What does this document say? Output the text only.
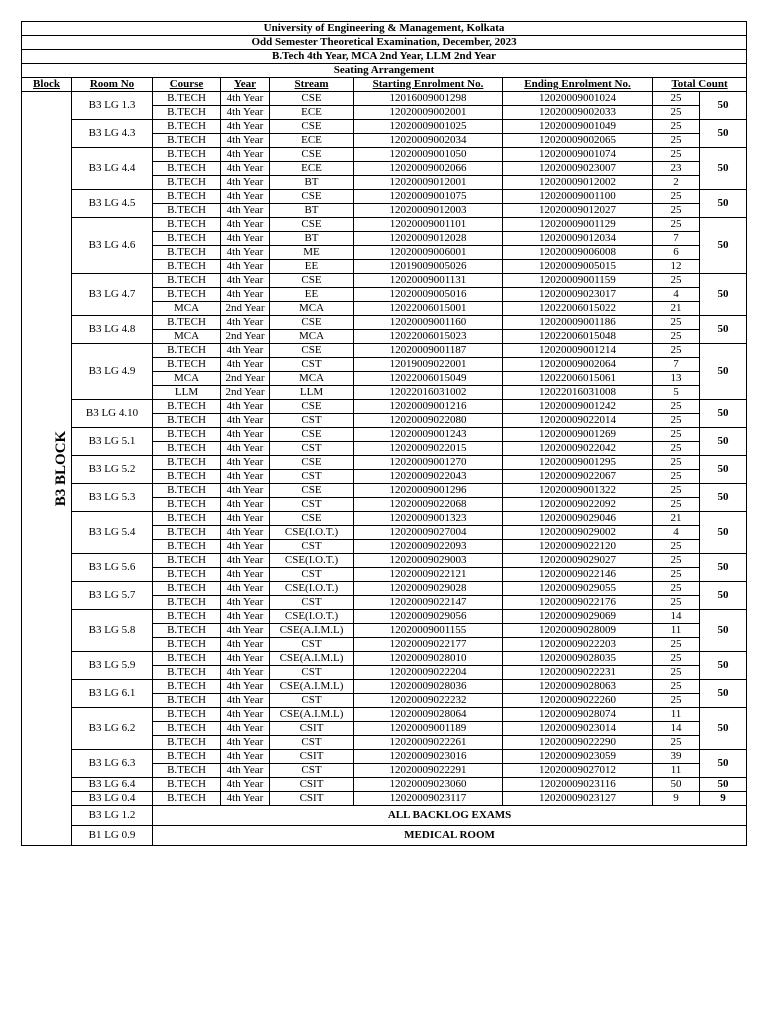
University of Engineering & Management, Kolkata								
Odd Semester Theoretical Examination, December, 2023								
B.Tech 4th Year, MCA 2nd Year, LLM 2nd Year								
Seating Arrangement								
Block	Room No	Course	Year	Stream	Starting Enrolment No.	Ending Enrolment No.	Total Count	
B3 BLOCK	B3 LG 1.3	B.TECH	4th Year	CSE	12016009001298	12020009001024	25	50
		B.TECH	4th Year	ECE	12020009002001	12020009002033	25	
	B3 LG 4.3	B.TECH	4th Year	CSE	12020009001025	12020009001049	25	50
		B.TECH	4th Year	ECE	12020009002034	12020009002065	25	
	B3 LG 4.4	B.TECH	4th Year	CSE	12020009001050	12020009001074	25	50
		B.TECH	4th Year	ECE	12020009002066	12020009023007	23	
		B.TECH	4th Year	BT	12020009012001	12020009012002	2	
	B3 LG 4.5	B.TECH	4th Year	CSE	12020009001075	12020009001100	25	50
		B.TECH	4th Year	BT	12020009012003	12020009012027	25	
	B3 LG 4.6	B.TECH	4th Year	CSE	12020009001101	12020009001129	25	50
		B.TECH	4th Year	BT	12020009012028	12020009012034	7	
		B.TECH	4th Year	ME	12020009006001	12020009006008	6	
		B.TECH	4th Year	EE	12019009005026	12020009005015	12	
	B3 LG 4.7	B.TECH	4th Year	CSE	12020009001131	12020009001159	25	50
		B.TECH	4th Year	EE	12020009005016	12020009023017	4	
		MCA	2nd Year	MCA	12022006015001	12022006015022	21	
	B3 LG 4.8	B.TECH	4th Year	CSE	12020009001160	12020009001186	25	50
		MCA	2nd Year	MCA	12022006015023	12022006015048	25	
	B3 LG 4.9	B.TECH	4th Year	CSE	12020009001187	12020009001214	25	50
		B.TECH	4th Year	CST	12019009022001	12020009002064	7	
		MCA	2nd Year	MCA	12022006015049	12022006015061	13	
		LLM	2nd Year	LLM	12022016031002	12022016031008	5	
	B3 LG 4.10	B.TECH	4th Year	CSE	12020009001216	12020009001242	25	50
		B.TECH	4th Year	CST	12020009022080	12020009022014	25	
	B3 LG 5.1	B.TECH	4th Year	CSE	12020009001243	12020009001269	25	50
		B.TECH	4th Year	CST	12020009022015	12020009022042	25	
	B3 LG 5.2	B.TECH	4th Year	CSE	12020009001270	12020009001295	25	50
		B.TECH	4th Year	CST	12020009022043	12020009022067	25	
	B3 LG 5.3	B.TECH	4th Year	CSE	12020009001296	12020009001322	25	50
		B.TECH	4th Year	CST	12020009022068	12020009022092	25	
	B3 LG 5.4	B.TECH	4th Year	CSE	12020009001323	12020009029046	21	50
		B.TECH	4th Year	CSE(I.O.T.)	12020009027004	12020009029002	4	
		B.TECH	4th Year	CST	12020009022093	12020009022120	25	
	B3 LG 5.6	B.TECH	4th Year	CSE(I.O.T.)	12020009029003	12020009029027	25	50
		B.TECH	4th Year	CST	12020009022121	12020009022146	25	
	B3 LG 5.7	B.TECH	4th Year	CSE(I.O.T.)	12020009029028	12020009029055	25	50
		B.TECH	4th Year	CST	12020009022147	12020009022176	25	
	B3 LG 5.8	B.TECH	4th Year	CSE(I.O.T.)	12020009029056	12020009029069	14	50
		B.TECH	4th Year	CSE(A.I.M.L)	12020009001155	12020009028009	11	
		B.TECH	4th Year	CST	12020009022177	12020009022203	25	
	B3 LG 5.9	B.TECH	4th Year	CSE(A.I.M.L)	12020009028010	12020009028035	25	50
		B.TECH	4th Year	CST	12020009022204	12020009022231	25	
	B3 LG 6.1	B.TECH	4th Year	CSE(A.I.M.L)	12020009028036	12020009028063	25	50
		B.TECH	4th Year	CST	12020009022232	12020009022260	25	
	B3 LG 6.2	B.TECH	4th Year	CSE(A.I.M.L)	12020009028064	12020009028074	11	50
		B.TECH	4th Year	CSIT	12020009001189	12020009023014	14	
		B.TECH	4th Year	CST	12020009022261	12020009022290	25	
	B3 LG 6.3	B.TECH	4th Year	CSIT	12020009023016	12020009023059	39	50
		B.TECH	4th Year	CST	12020009022291	12020009027012	11	
	B3 LG 6.4	B.TECH	4th Year	CSIT	12020009023060	12020009023116	50	50
	B3 LG 0.4	B.TECH	4th Year	CSIT	12020009023117	12020009023127	9	9
	B3 LG 1.2	ALL BACKLOG EXAMS						
	B1 LG 0.9	MEDICAL ROOM						
